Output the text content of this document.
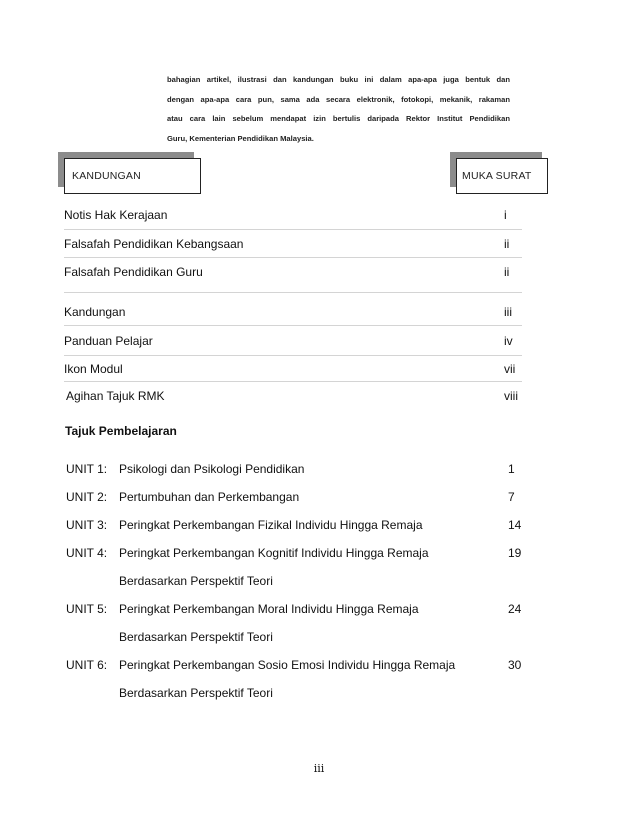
bahagian artikel, ilustrasi dan kandungan buku ini dalam apa-apa juga bentuk dan
dengan apa-apa cara pun, sama ada secara elektronik, fotokopi, mekanik, rakaman
atau cara lain sebelum mendapat izin bertulis daripada Rektor Institut Pendidikan
Guru, Kementerian Pendidikan Malaysia.
KANDUNGAN	MUKA SURAT
Notis Hak Kerajaan	i
Falsafah Pendidikan Kebangsaan	ii
Falsafah Pendidikan Guru	ii
Kandungan	iii
Panduan Pelajar	iv
Ikon Modul	vii
Agihan Tajuk RMK	viii
Tajuk Pembelajaran
UNIT 1: Psikologi dan Psikologi Pendidikan	1
UNIT 2: Pertumbuhan dan Perkembangan	7
UNIT 3: Peringkat Perkembangan Fizikal Individu Hingga Remaja	14
UNIT 4: Peringkat Perkembangan Kognitif Individu Hingga Remaja	19
Berdasarkan Perspektif Teori
UNIT 5: Peringkat Perkembangan Moral Individu Hingga Remaja	24
Berdasarkan Perspektif Teori
UNIT 6: Peringkat Perkembangan Sosio Emosi Individu Hingga Remaja	30
Berdasarkan Perspektif Teori
iii
